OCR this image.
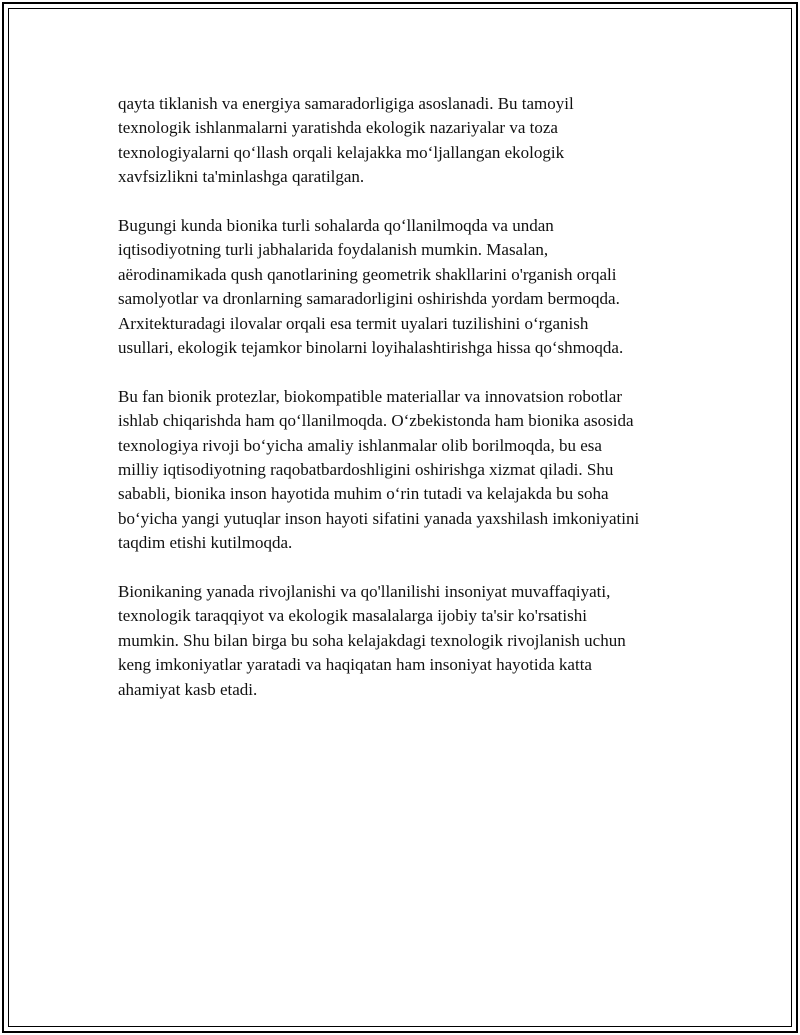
qayta tiklanish va energiya samaradorligiga asoslanadi. Bu tamoyil
texnologik ishlanmalarni yaratishda ekologik nazariyalar va toza
texnologiyalarni qo‘llash orqali kelajakka mo‘ljallangan ekologik
xavfsizlikni ta'minlashga qaratilgan.

Bugungi kunda bionika turli sohalarda qo‘llanilmoqda va undan
iqtisodiyotning turli jabhalarida foydalanish mumkin. Masalan,
aërodinamikada qush qanotlarining geometrik shakllarini o'rganish orqali
samolyotlar va dronlarning samaradorligini oshirishda yordam bermoqda.
Arxitekturadagi ilovalar orqali esa termit uyalari tuzilishini o‘rganish
usullari, ekologik tejamkor binolarni loyihalashtirishga hissa qo‘shmoqda.

Bu fan bionik protezlar, biokompatible materiallar va innovatsion robotlar
ishlab chiqarishda ham qo‘llanilmoqda. O‘zbekistonda ham bionika asosida
texnologiya rivoji bo‘yicha amaliy ishlanmalar olib borilmoqda, bu esa
milliy iqtisodiyotning raqobatbardoshligini oshirishga xizmat qiladi. Shu
sababli, bionika inson hayotida muhim o‘rin tutadi va kelajakda bu soha
bo‘yicha yangi yutuqlar inson hayoti sifatini yanada yaxshilash imkoniyatini
taqdim etishi kutilmoqda.

Bionikaning yanada rivojlanishi va qo'llanilishi insoniyat muvaffaqiyati,
texnologik taraqqiyot va ekologik masalalarga ijobiy ta'sir ko'rsatishi
mumkin. Shu bilan birga bu soha kelajakdagi texnologik rivojlanish uchun
keng imkoniyatlar yaratadi va haqiqatan ham insoniyat hayotida katta
ahamiyat kasb etadi.
